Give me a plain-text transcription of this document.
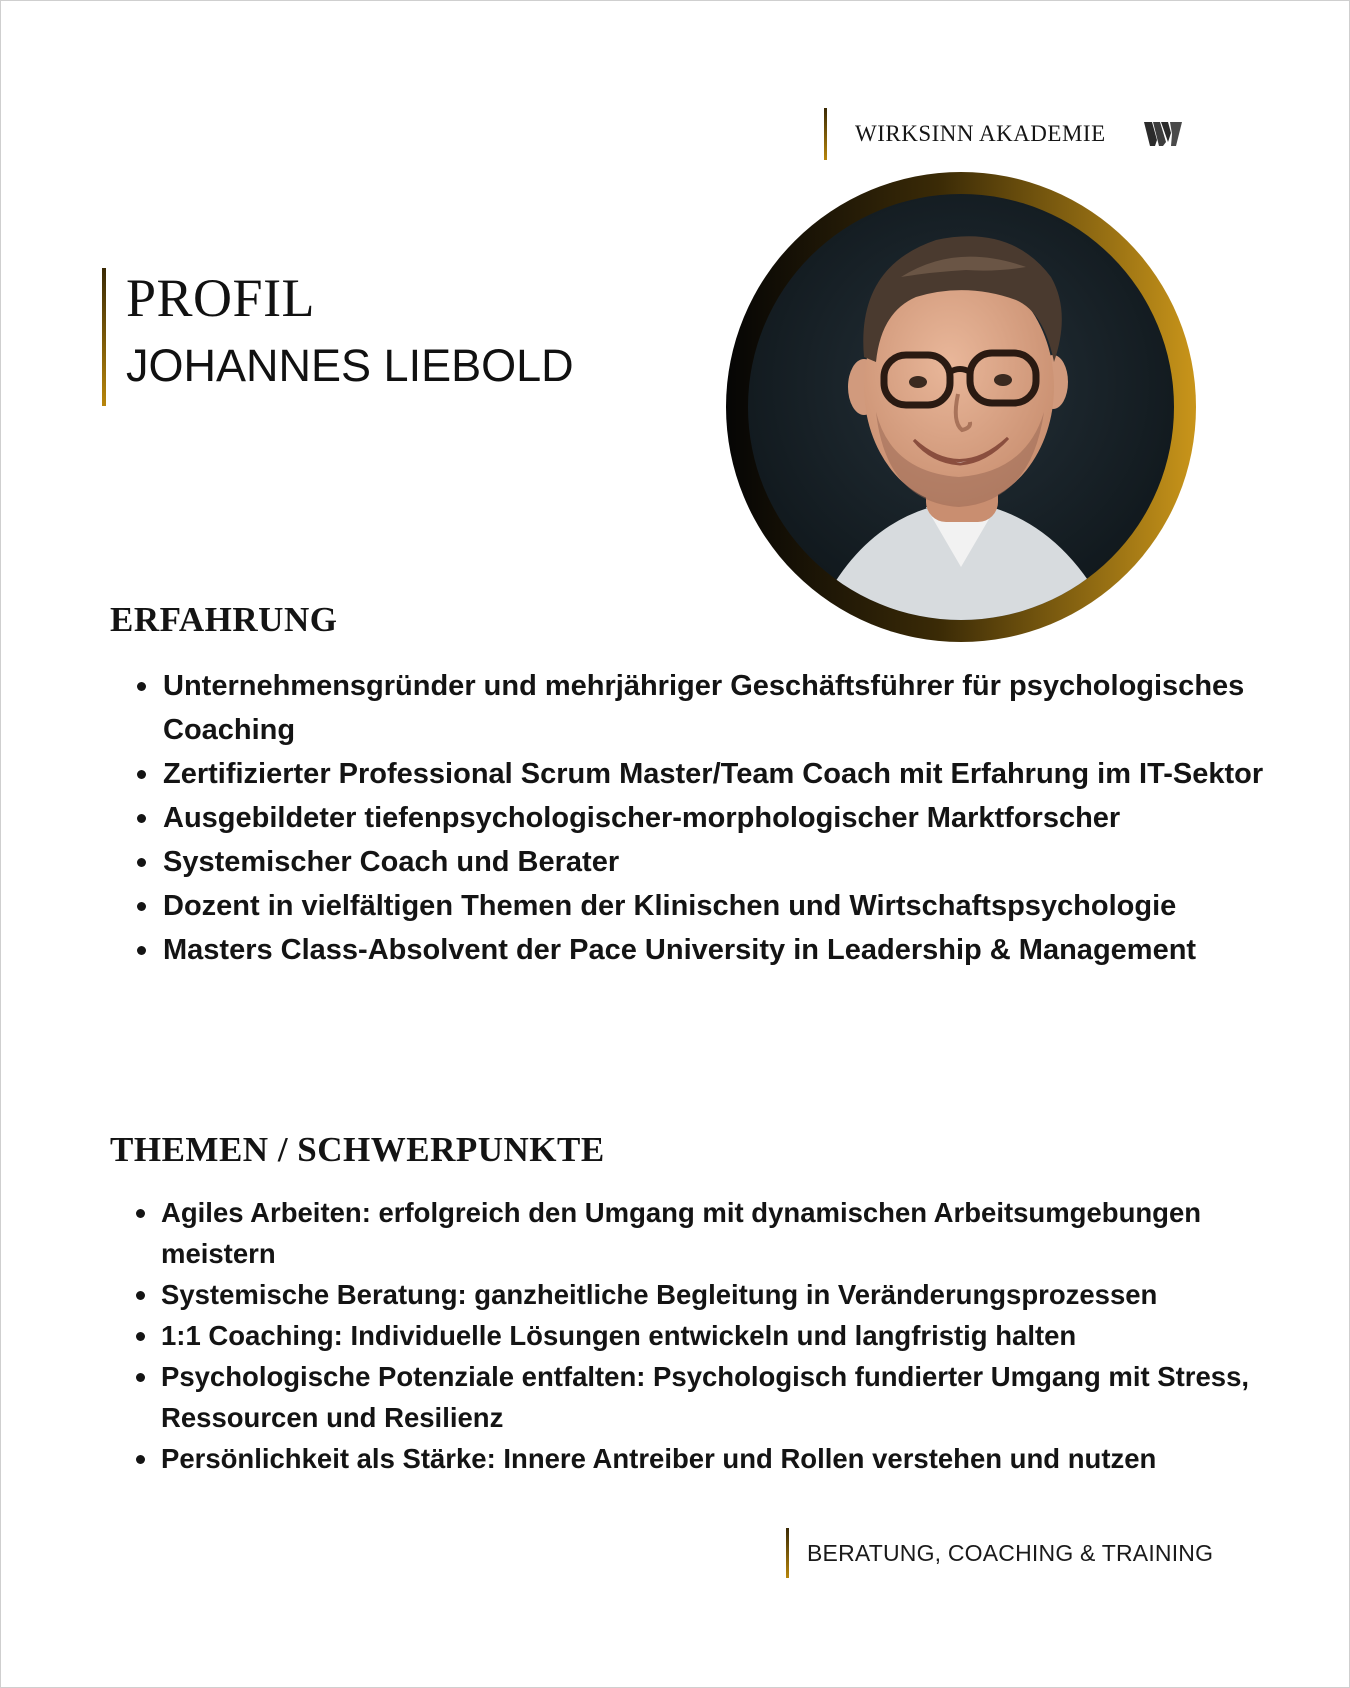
WIRKSINN AKADEMIE
PROFIL
JOHANNES LIEBOLD
ERFAHRUNG
Unternehmensgründer und mehrjähriger Geschäftsführer für psychologisches Coaching
Zertifizierter Professional Scrum Master/Team Coach mit Erfahrung im IT-Sektor
Ausgebildeter tiefenpsychologischer-morphologischer Marktforscher
Systemischer Coach und Berater
Dozent in vielfältigen Themen der Klinischen und Wirtschaftspsychologie
Masters Class-Absolvent der Pace University in Leadership & Management
THEMEN / SCHWERPUNKTE
Agiles Arbeiten: erfolgreich den Umgang mit dynamischen Arbeitsumgebungen meistern
Systemische Beratung: ganzheitliche Begleitung in Veränderungsprozessen
1:1 Coaching: Individuelle Lösungen entwickeln und langfristig halten
Psychologische Potenziale entfalten: Psychologisch fundierter Umgang mit Stress, Ressourcen und Resilienz
Persönlichkeit als Stärke: Innere Antreiber und Rollen verstehen und nutzen
BERATUNG, COACHING & TRAINING
